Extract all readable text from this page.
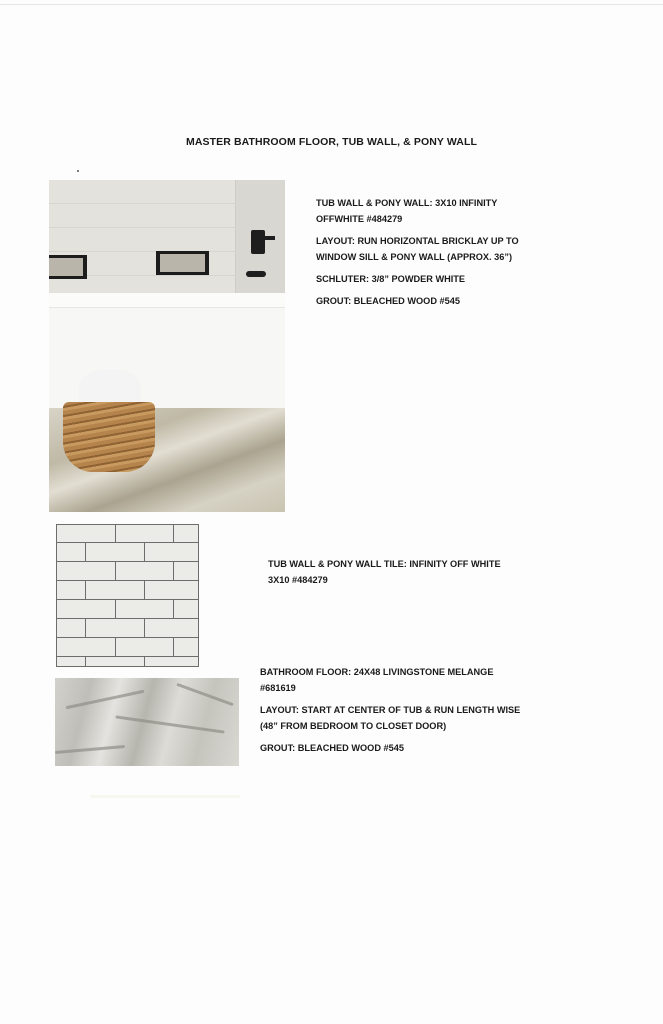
MASTER BATHROOM FLOOR, TUB WALL, & PONY WALL

TUB WALL & PONY WALL: 3X10 INFINITY
OFFWHITE #484279

LAYOUT: RUN HORIZONTAL BRICKLAY UP TO
WINDOW SILL & PONY WALL (APPROX. 36”)

SCHLUTER: 3/8” POWDER WHITE

GROUT: BLEACHED WOOD #545

TUB WALL & PONY WALL TILE: INFINITY OFF WHITE
3X10 #484279

BATHROOM FLOOR: 24X48 LIVINGSTONE MELANGE
#681619

LAYOUT: START AT CENTER OF TUB & RUN LENGTH WISE
(48” FROM BEDROOM TO CLOSET DOOR)

GROUT: BLEACHED WOOD #545
